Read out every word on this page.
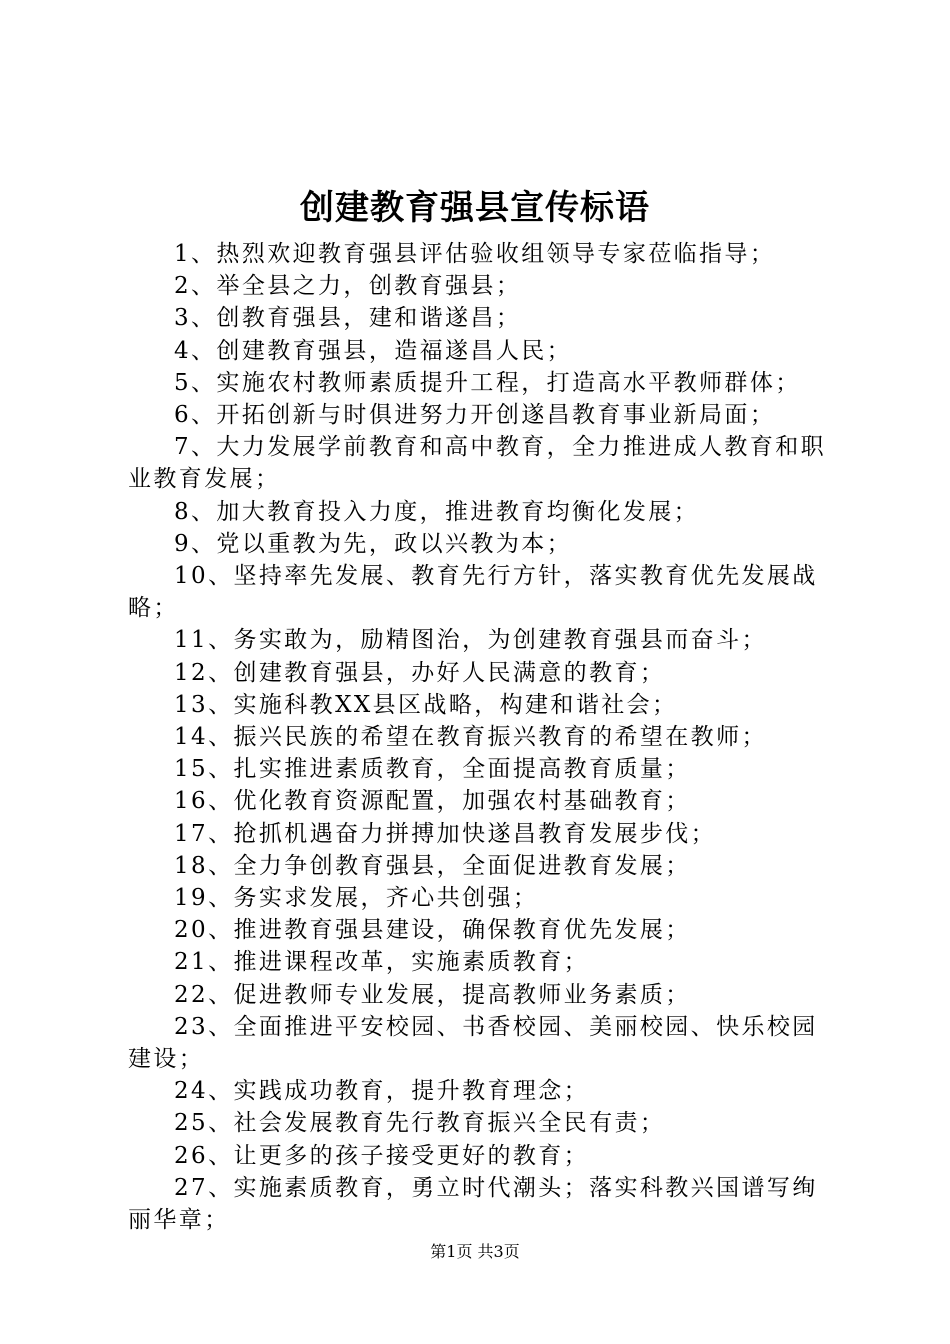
创建教育强县宣传标语

1、热烈欢迎教育强县评估验收组领导专家莅临指导；

2、举全县之力，创教育强县；

3、创教育强县，建和谐遂昌；

4、创建教育强县，造福遂昌人民；

5、实施农村教师素质提升工程，打造高水平教师群体；

6、开拓创新与时俱进努力开创遂昌教育事业新局面；

7、大力发展学前教育和高中教育，全力推进成人教育和职业教育发展；

8、加大教育投入力度，推进教育均衡化发展；

9、党以重教为先，政以兴教为本；

10、坚持率先发展、教育先行方针，落实教育优先发展战略；

11、务实敢为，励精图治，为创建教育强县而奋斗；

12、创建教育强县，办好人民满意的教育；

13、实施科教XX县区战略，构建和谐社会；

14、振兴民族的希望在教育振兴教育的希望在教师；

15、扎实推进素质教育，全面提高教育质量；

16、优化教育资源配置，加强农村基础教育；

17、抢抓机遇奋力拼搏加快遂昌教育发展步伐；

18、全力争创教育强县，全面促进教育发展；

19、务实求发展，齐心共创强；

20、推进教育强县建设，确保教育优先发展；

21、推进课程改革，实施素质教育；

22、促进教师专业发展，提高教师业务素质；

23、全面推进平安校园、书香校园、美丽校园、快乐校园建设；

24、实践成功教育，提升教育理念；

25、社会发展教育先行教育振兴全民有责；

26、让更多的孩子接受更好的教育；

27、实施素质教育，勇立时代潮头；落实科教兴国谱写绚丽华章；

第1页 共3页
